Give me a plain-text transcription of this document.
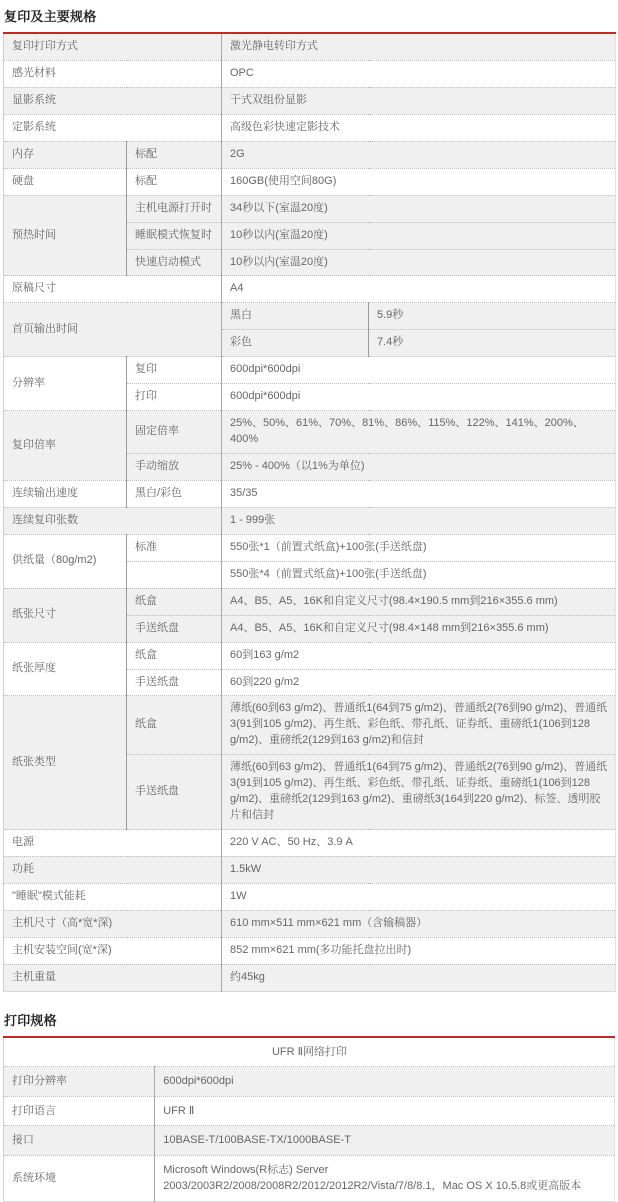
复印及主要规格
复印打印方式		激光静电转印方式	
感光材料		OPC	
显影系统		干式双组份显影	
定影系统		高级色彩快速定影技术	
内存	标配	2G	
硬盘	标配	160GB(使用空间80G)	
预热时间	主机电源打开时	34秒以下(室温20度)	
	睡眠模式恢复时	10秒以内(室温20度)	
	快速启动模式	10秒以内(室温20度)	
原稿尺寸		A4	
首页输出时间		黑白	5.9秒
		彩色	7.4秒
分辨率	复印	600dpi*600dpi	
	打印	600dpi*600dpi	
复印倍率	固定倍率	25%、50%、61%、70%、81%、86%、115%、122%、141%、200%、400%	
	手动缩放	25% - 400%（以1%为单位)	
连续输出速度	黑白/彩色	35/35	
连续复印张数		1 - 999张	
供纸量（80g/m2)	标准	550张*1（前置式纸盒)+100张(手送纸盘)	
		550张*4（前置式纸盒)+100张(手送纸盘)	
纸张尺寸	纸盒	A4、B5、A5、16K和自定义尺寸(98.4×190.5 mm到216×355.6 mm)	
	手送纸盘	A4、B5、A5、16K和自定义尺寸(98.4×148 mm到216×355.6 mm)	
纸张厚度	纸盒	60到163 g/m2	
	手送纸盘	60到220 g/m2	
纸张类型	纸盒	薄纸(60到63 g/m2)、普通纸1(64到75 g/m2)、普通纸2(76到90 g/m2)、普通纸3(91到105 g/m2)、再生纸、彩色纸、带孔纸、证券纸、重磅纸1(106到128 g/m2)、重磅纸2(129到163 g/m2)和信封	
	手送纸盘	薄纸(60到63 g/m2)、普通纸1(64到75 g/m2)、普通纸2(76到90 g/m2)、普通纸3(91到105 g/m2)、再生纸、彩色纸、带孔纸、证券纸、重磅纸1(106到128 g/m2)、重磅纸2(129到163 g/m2)、重磅纸3(164到220 g/m2)、标签、透明胶片和信封	
电源		220 V AC、50 Hz、3.9 A	
功耗		1.5kW	
"睡眠"模式能耗		1W	
主机尺寸（高*宽*深)		610 mm×511 mm×621 mm（含输稿器）	
主机安装空间(宽*深)		852 mm×621 mm(多功能托盘拉出时)	
主机重量		约45kg	
打印规格
UFR Ⅱ网络打印	
打印分辨率	600dpi*600dpi
打印语言	UFR Ⅱ
接口	10BASE-T/100BASE-TX/1000BASE-T
系统环境	Microsoft Windows(R标志) Server 2003/2003R2/2008/2008R2/2012/2012R2/Vista/7/8/8.1，Mac OS X 10.5.8或更高版本
